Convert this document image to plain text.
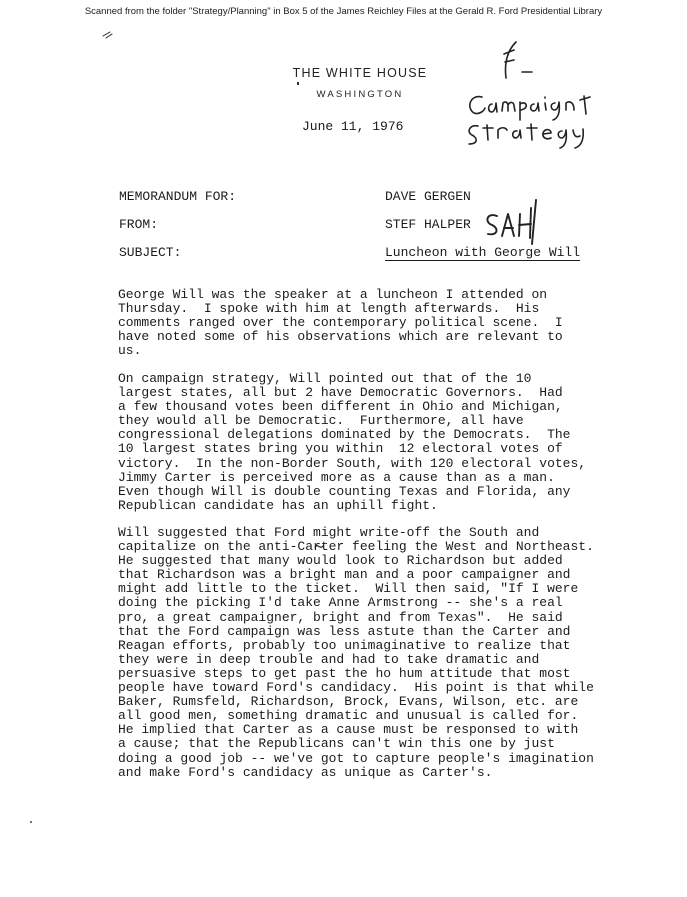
Scanned from the folder "Strategy/Planning" in Box 5 of the James Reichley Files at the Gerald R. Ford Presidential Library
THE WHITE HOUSE
WASHINGTON
June 11, 1976
MEMORANDUM FOR:	DAVE GERGEN
FROM:	STEF HALPER
SUBJECT:	Luncheon with George Will
George Will was the speaker at a luncheon I attended on
Thursday.  I spoke with him at length afterwards.  His
comments ranged over the contemporary political scene.  I
have noted some of his observations which are relevant to
us.
On campaign strategy, Will pointed out that of the 10
largest states, all but 2 have Democratic Governors.  Had
a few thousand votes been different in Ohio and Michigan,
they would all be Democratic.  Furthermore, all have
congressional delegations dominated by the Democrats.  The
10 largest states bring you within  12 electoral votes of
victory.  In the non-Border South, with 120 electoral votes,
Jimmy Carter is perceived more as a cause than as a man.
Even though Will is double counting Texas and Florida, any
Republican candidate has an uphill fight.
Will suggested that Ford might write-off the South and
capitalize on the anti-Carter feeling the West and Northeast.
He suggested that many would look to Richardson but added
that Richardson was a bright man and a poor campaigner and
might add little to the ticket.  Will then said, "If I were
doing the picking I'd take Anne Armstrong -- she's a real
pro, a great campaigner, bright and from Texas".  He said
that the Ford campaign was less astute than the Carter and
Reagan efforts, probably too unimaginative to realize that
they were in deep trouble and had to take dramatic and
persuasive steps to get past the ho hum attitude that most
people have toward Ford's candidacy.  His point is that while
Baker, Rumsfeld, Richardson, Brock, Evans, Wilson, etc. are
all good men, something dramatic and unusual is called for.
He implied that Carter as a cause must be responsed to with
a cause; that the Republicans can't win this one by just
doing a good job -- we've got to capture people's imagination
and make Ford's candidacy as unique as Carter's.
